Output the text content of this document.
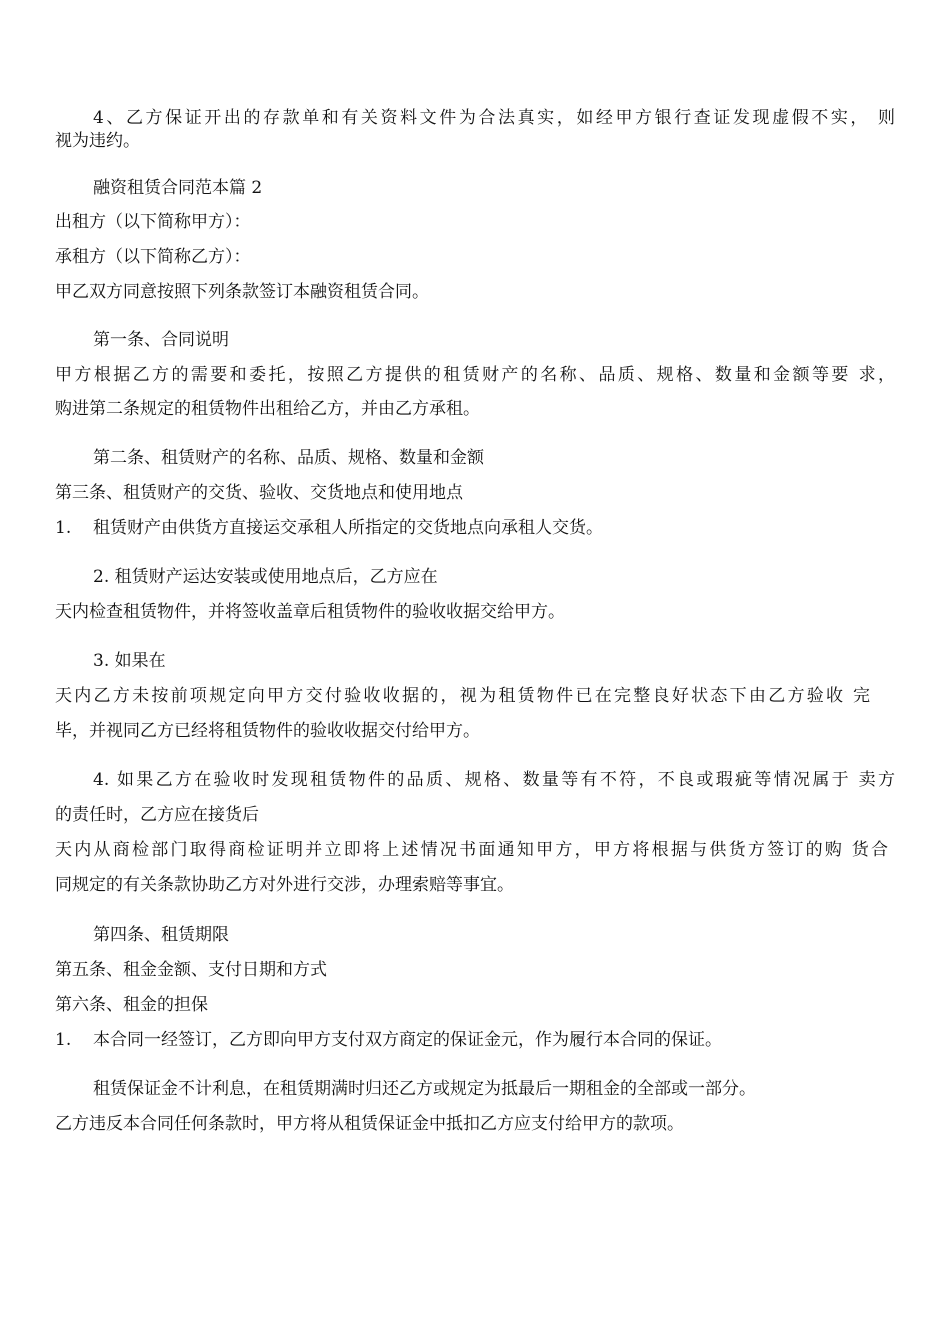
4、乙方保证开出的存款单和有关资料文件为合法真实，如经甲方银行查证发现虚假不实， 则
视为违约。
融资租赁合同范本篇 2
出租方（以下简称甲方）：
承租方（以下简称乙方）：
甲乙双方同意按照下列条款签订本融资租赁合同。
第一条、合同说明
甲方根据乙方的需要和委托，按照乙方提供的租赁财产的名称、品质、规格、数量和金额等要 求，
购进第二条规定的租赁物件出租给乙方，并由乙方承租。
第二条、租赁财产的名称、品质、规格、数量和金额
第三条、租赁财产的交货、验收、交货地点和使用地点
1. 租赁财产由供货方直接运交承租人所指定的交货地点向承租人交货。
2. 租赁财产运达安装或使用地点后，乙方应在
天内检查租赁物件，并将签收盖章后租赁物件的验收收据交给甲方。
3. 如果在
天内乙方未按前项规定向甲方交付验收收据的，视为租赁物件已在完整良好状态下由乙方验收 完
毕，并视同乙方已经将租赁物件的验收收据交付给甲方。
4. 如果乙方在验收时发现租赁物件的品质、规格、数量等有不符，不良或瑕疵等情况属于 卖方
的责任时，乙方应在接货后
天内从商检部门取得商检证明并立即将上述情况书面通知甲方，甲方将根据与供货方签订的购 货合
同规定的有关条款协助乙方对外进行交涉，办理索赔等事宜。
第四条、租赁期限
第五条、租金金额、支付日期和方式
第六条、租金的担保
1. 本合同一经签订，乙方即向甲方支付双方商定的保证金元，作为履行本合同的保证。
租赁保证金不计利息，在租赁期满时归还乙方或规定为抵最后一期租金的全部或一部分。
乙方违反本合同任何条款时，甲方将从租赁保证金中抵扣乙方应支付给甲方的款项。
